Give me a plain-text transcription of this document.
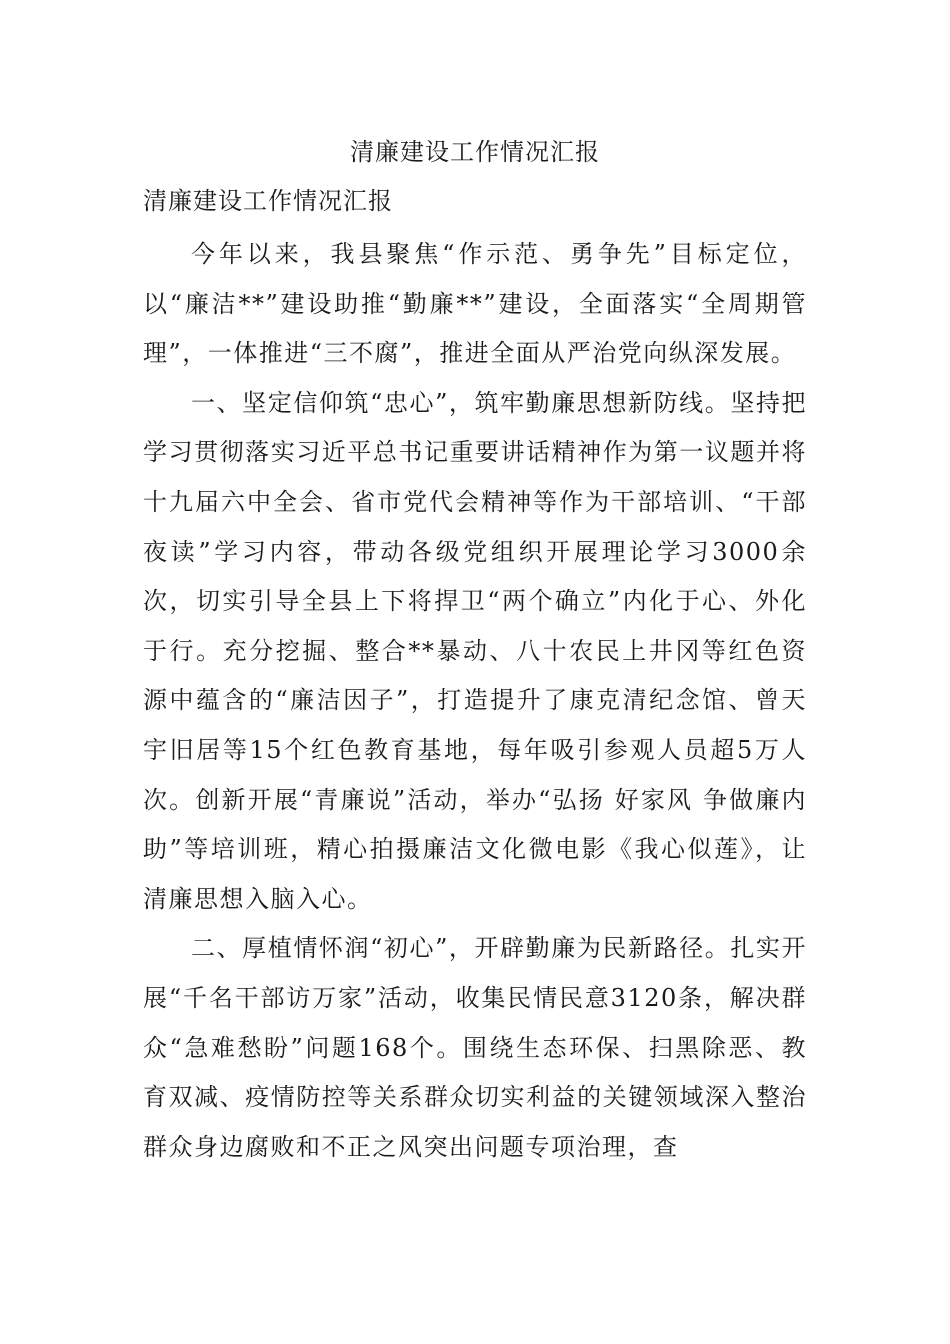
清廉建设工作情况汇报
清廉建设工作情况汇报

今年以来，我县聚焦“作示范、勇争先”目标定位，以“廉洁**”建设助推“勤廉**”建设，全面落实“全周期管理”，一体推进“三不腐”，推进全面从严治党向纵深发展。

一、坚定信仰筑“忠心”，筑牢勤廉思想新防线。坚持把学习贯彻落实习近平总书记重要讲话精神作为第一议题并将十九届六中全会、省市党代会精神等作为干部培训、“干部夜读”学习内容，带动各级党组织开展理论学习3000余次，切实引导全县上下将捍卫“两个确立”内化于心、外化于行。充分挖掘、整合**暴动、八十农民上井冈等红色资源中蕴含的“廉洁因子”，打造提升了康克清纪念馆、曾天宇旧居等15个红色教育基地，每年吸引参观人员超5万人次。创新开展“青廉说”活动，举办“弘扬 好家风 争做廉内助”等培训班，精心拍摄廉洁文化微电影《我心似莲》，让清廉思想入脑入心。

二、厚植情怀润“初心”，开辟勤廉为民新路径。扎实开展“千名干部访万家”活动，收集民情民意3120条，解决群众“急难愁盼”问题168个。围绕生态环保、扫黑除恶、教育双减、疫情防控等关系群众切实利益的关键领域深入整治群众身边腐败和不正之风突出问题专项治理，查
